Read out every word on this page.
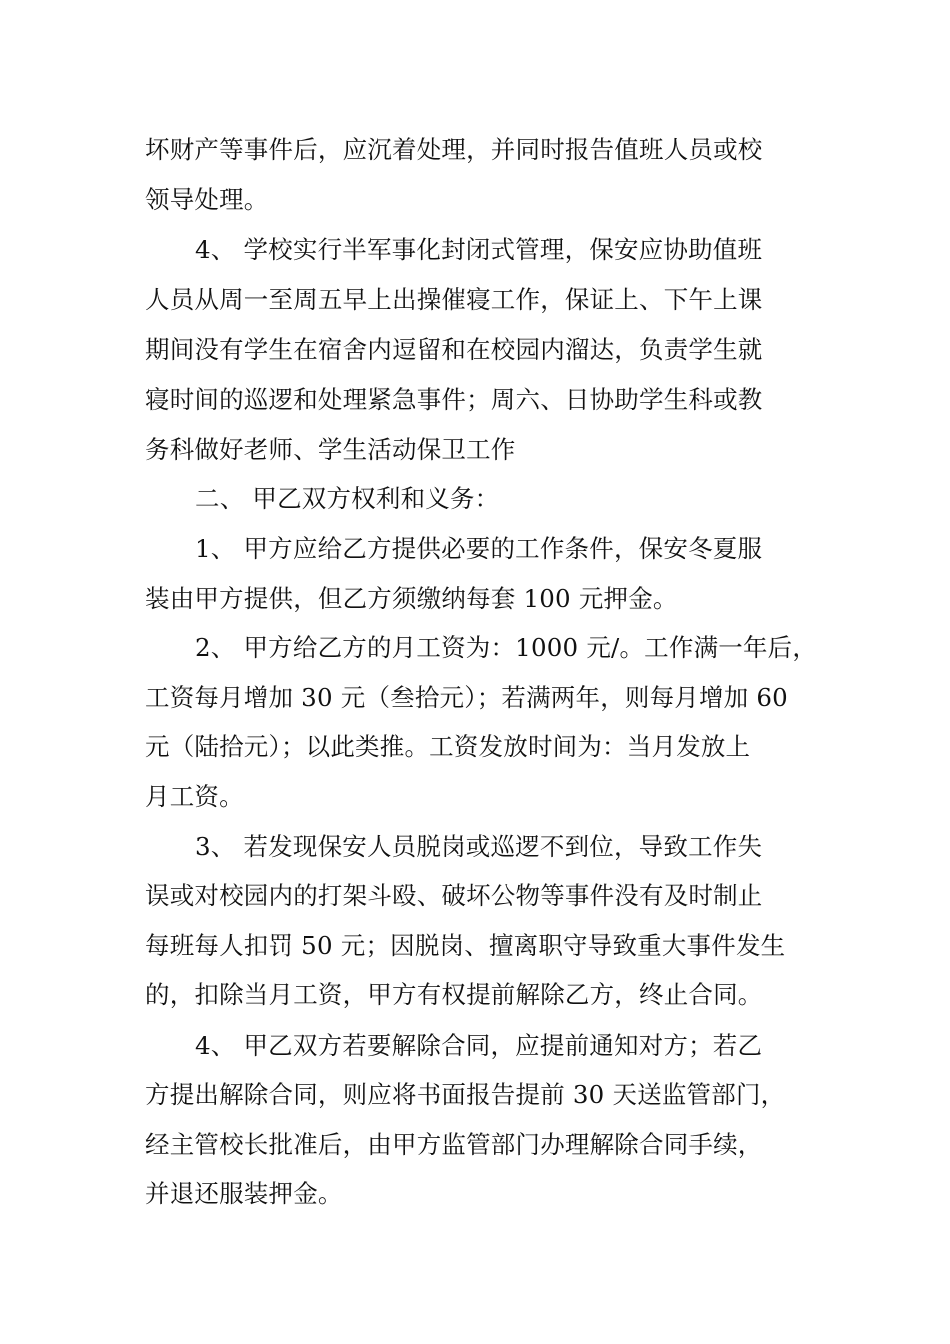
坏财产等事件后，应沉着处理，并同时报告值班人员或校
领导处理。
4、 学校实行半军事化封闭式管理，保安应协助值班
人员从周一至周五早上出操催寝工作，保证上、下午上课
期间没有学生在宿舍内逗留和在校园内溜达，负责学生就
寝时间的巡逻和处理紧急事件；周六、日协助学生科或教
务科做好老师、学生活动保卫工作
二、 甲乙双方权利和义务：
1、 甲方应给乙方提供必要的工作条件，保安冬夏服
装由甲方提供，但乙方须缴纳每套 100 元押金。
2、 甲方给乙方的月工资为：1000 元/。工作满一年后，
工资每月增加 30 元（叁拾元）；若满两年，则每月增加 60
元（陆拾元）；以此类推。工资发放时间为：当月发放上
月工资。
3、 若发现保安人员脱岗或巡逻不到位，导致工作失
误或对校园内的打架斗殴、破坏公物等事件没有及时制止
每班每人扣罚 50 元；因脱岗、擅离职守导致重大事件发生
的，扣除当月工资，甲方有权提前解除乙方，终止合同。
4、 甲乙双方若要解除合同，应提前通知对方；若乙
方提出解除合同，则应将书面报告提前 30 天送监管部门，
经主管校长批准后，由甲方监管部门办理解除合同手续，
并退还服装押金。
